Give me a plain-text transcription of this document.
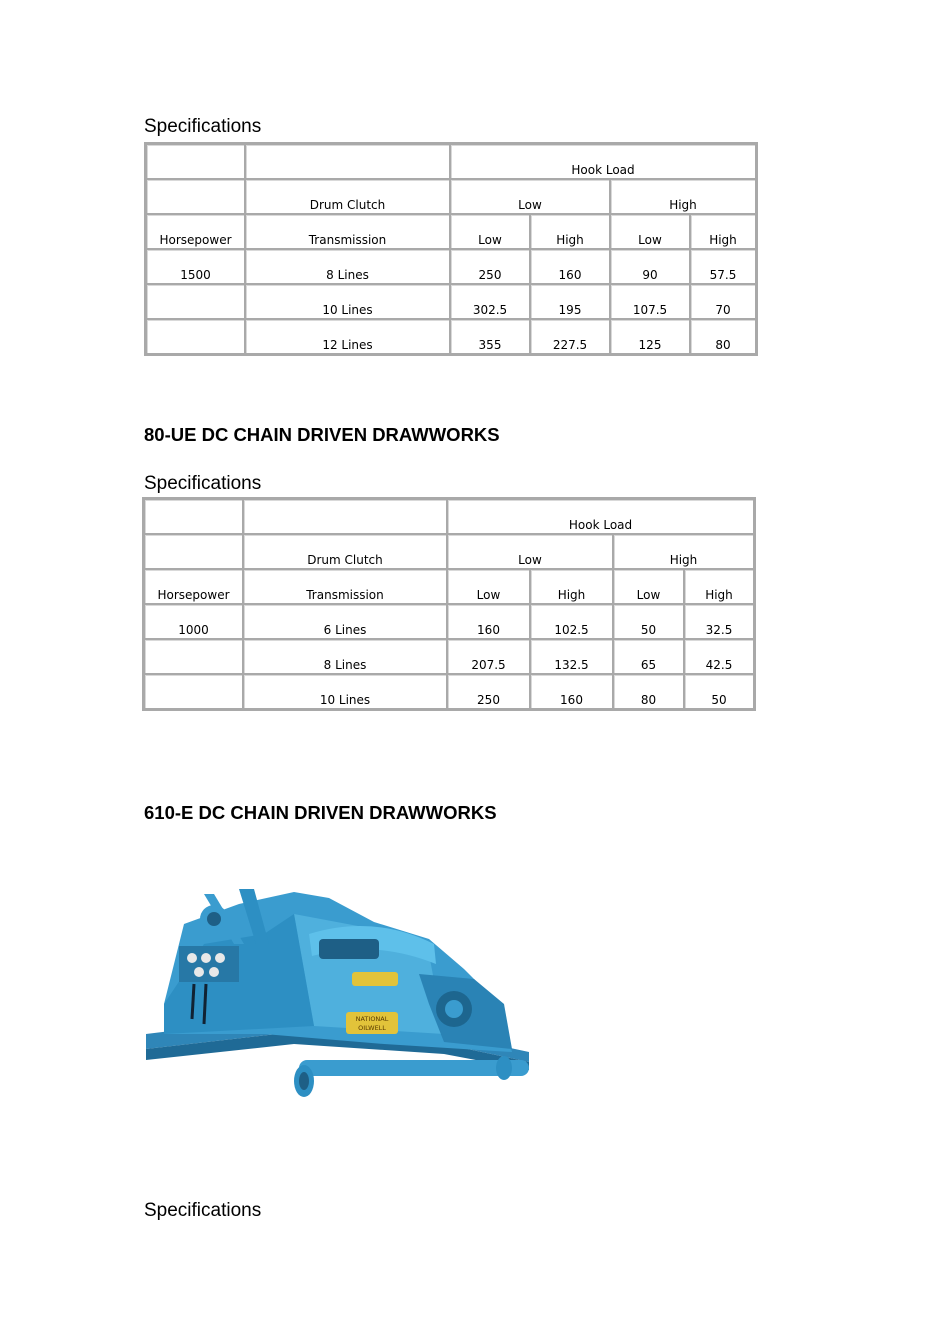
Specifications
		Hook Load			
	Drum Clutch	Low		High	
Horsepower	Transmission	Low	High	Low	High
1500	8 Lines	250	160	90	57.5
	10 Lines	302.5	195	107.5	70
	12 Lines	355	227.5	125	80
80-UE DC CHAIN DRIVEN DRAWWORKS
Specifications
		Hook Load			
	Drum Clutch	Low		High	
Horsepower	Transmission	Low	High	Low	High
1000	6 Lines	160	102.5	50	32.5
	8 Lines	207.5	132.5	65	42.5
	10 Lines	250	160	80	50
610-E DC CHAIN DRIVEN DRAWWORKS
NATIONAL
OILWELL
Specifications
